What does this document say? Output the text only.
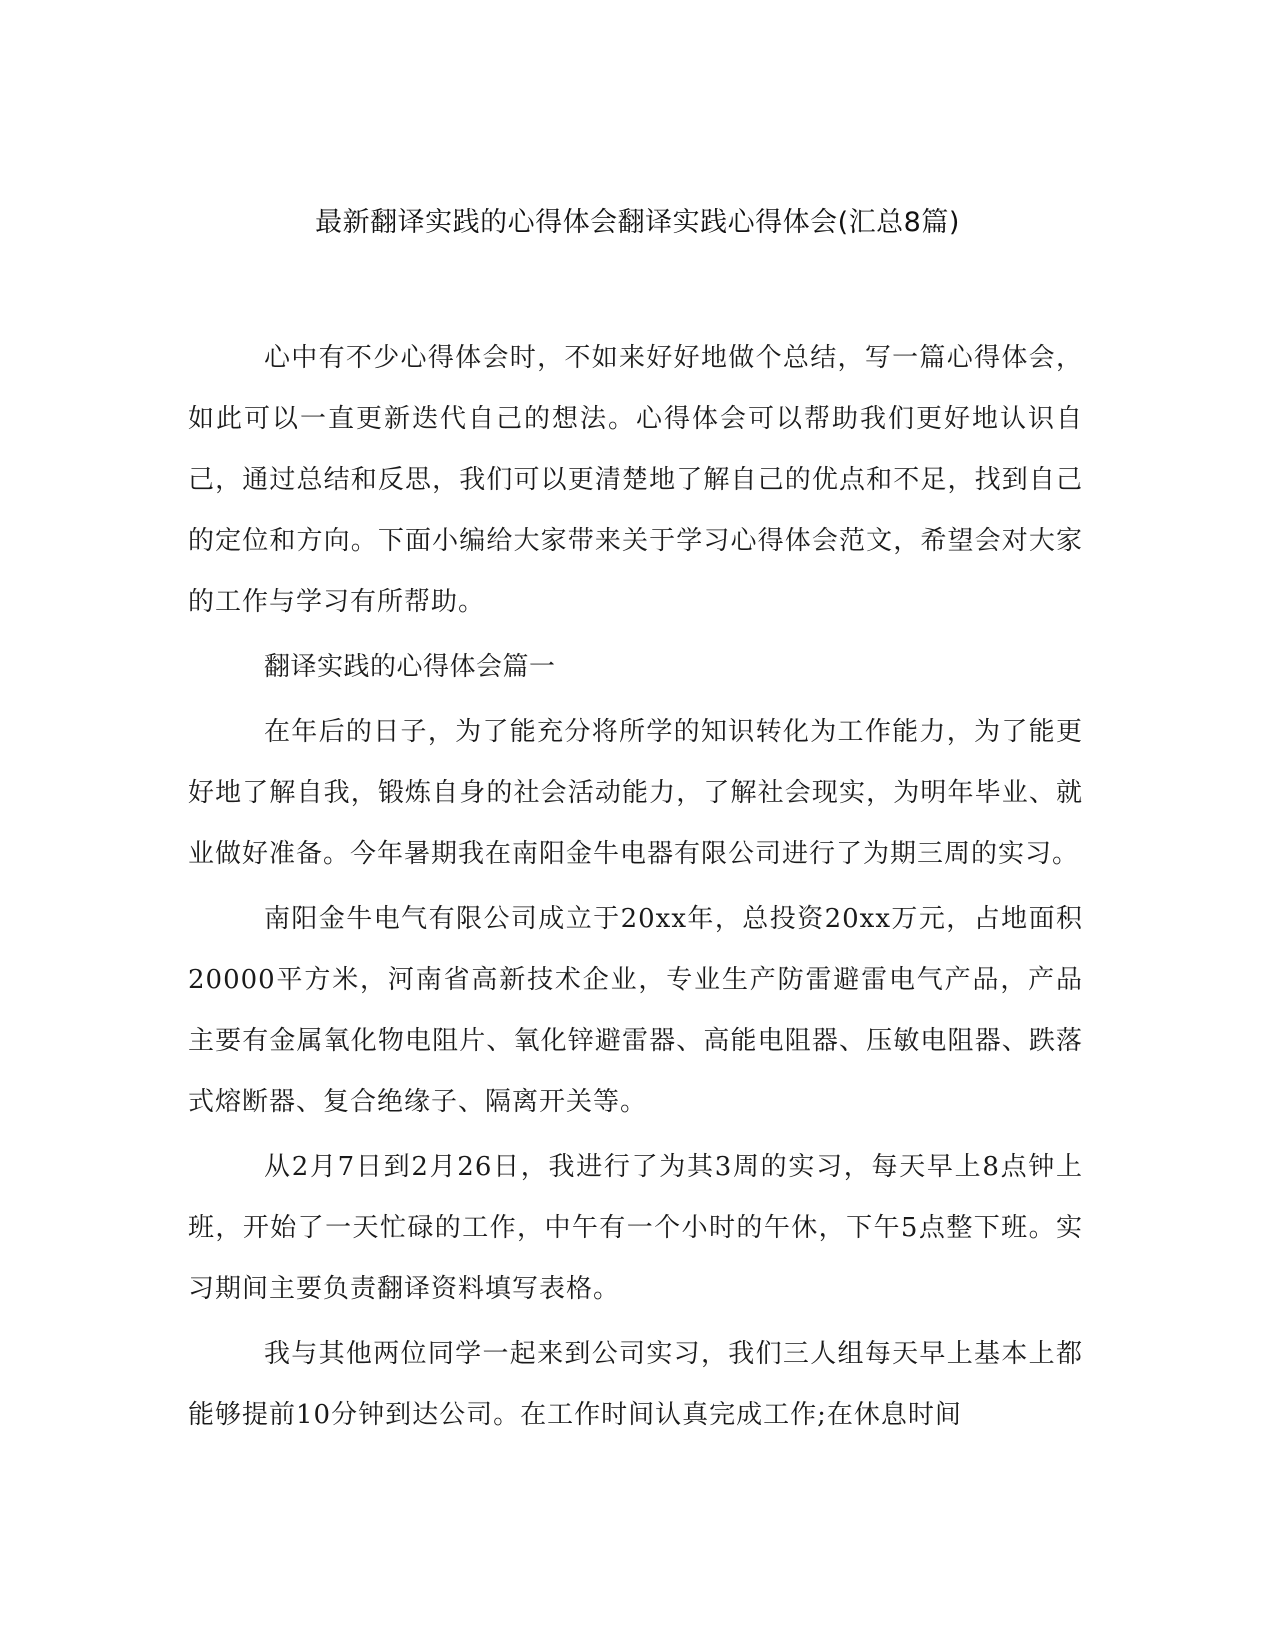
最新翻译实践的心得体会翻译实践心得体会(汇总8篇)

心中有不少心得体会时，不如来好好地做个总结，写一篇心得体会，如此可以一直更新迭代自己的想法。心得体会可以帮助我们更好地认识自己，通过总结和反思，我们可以更清楚地了解自己的优点和不足，找到自己的定位和方向。下面小编给大家带来关于学习心得体会范文，希望会对大家的工作与学习有所帮助。

翻译实践的心得体会篇一

在年后的日子，为了能充分将所学的知识转化为工作能力，为了能更好地了解自我，锻炼自身的社会活动能力，了解社会现实，为明年毕业、就业做好准备。今年暑期我在南阳金牛电器有限公司进行了为期三周的实习。

南阳金牛电气有限公司成立于20xx年，总投资20xx万元，占地面积20000平方米，河南省高新技术企业，专业生产防雷避雷电气产品，产品主要有金属氧化物电阻片、氧化锌避雷器、高能电阻器、压敏电阻器、跌落式熔断器、复合绝缘子、隔离开关等。

从2月7日到2月26日，我进行了为其3周的实习，每天早上8点钟上班，开始了一天忙碌的工作，中午有一个小时的午休，下午5点整下班。实习期间主要负责翻译资料填写表格。

我与其他两位同学一起来到公司实习，我们三人组每天早上基本上都能够提前10分钟到达公司。在工作时间认真完成工作;在休息时间
